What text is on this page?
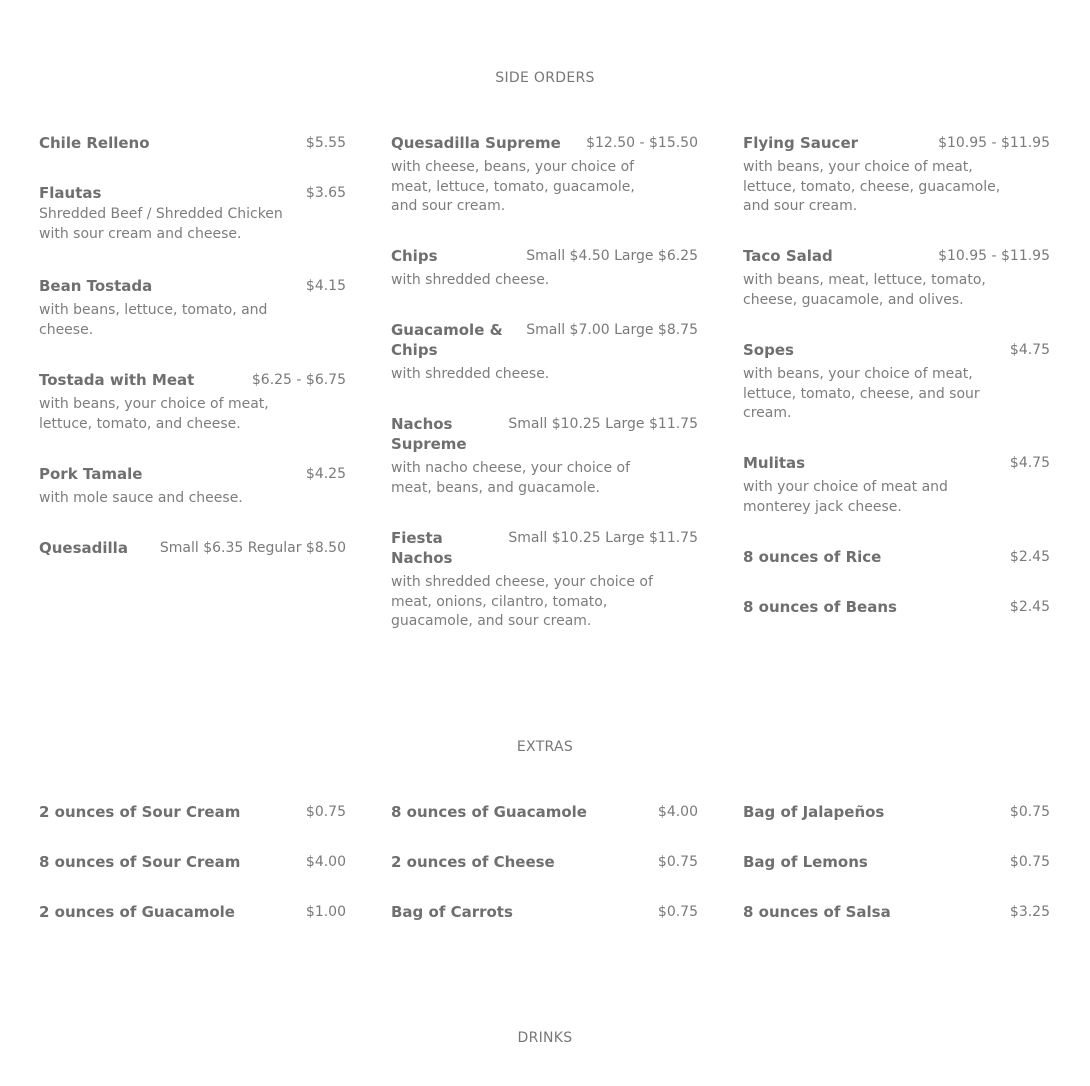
SIDE ORDERS
Chile Relleno	$5.55
Flautas	$3.65
Shredded Beef / Shredded Chicken with sour cream and cheese.
Bean Tostada	$4.15
with beans, lettuce, tomato, and cheese.
Tostada with Meat	$6.25 - $6.75
with beans, your choice of meat, lettuce, tomato, and cheese.
Pork Tamale	$4.25
with mole sauce and cheese.
Quesadilla	Small $6.35 Regular $8.50
Quesadilla Supreme	$12.50 - $15.50
with cheese, beans, your choice of meat, lettuce, tomato, guacamole, and sour cream.
Chips	Small $4.50 Large $6.25
with shredded cheese.
Guacamole & Chips
Small $7.00 Large $8.75
with shredded cheese.
Nachos Supreme
Small $10.25 Large $11.75
with nacho cheese, your choice of meat, beans, and guacamole.
Fiesta Nachos
Small $10.25 Large $11.75
with shredded cheese, your choice of meat, onions, cilantro, tomato, guacamole, and sour cream.
Flying Saucer	$10.95 - $11.95
with beans, your choice of meat, lettuce, tomato, cheese, guacamole, and sour cream.
Taco Salad	$10.95 - $11.95
with beans, meat, lettuce, tomato, cheese, guacamole, and olives.
Sopes	$4.75
with beans, your choice of meat, lettuce, tomato, cheese, and sour cream.
Mulitas	$4.75
with your choice of meat and monterey jack cheese.
8 ounces of Rice	$2.45
8 ounces of Beans	$2.45
EXTRAS
2 ounces of Sour Cream	$0.75
8 ounces of Sour Cream	$4.00
2 ounces of Guacamole	$1.00
8 ounces of Guacamole	$4.00
2 ounces of Cheese	$0.75
Bag of Carrots	$0.75
Bag of Jalapeños	$0.75
Bag of Lemons	$0.75
8 ounces of Salsa	$3.25
DRINKS
